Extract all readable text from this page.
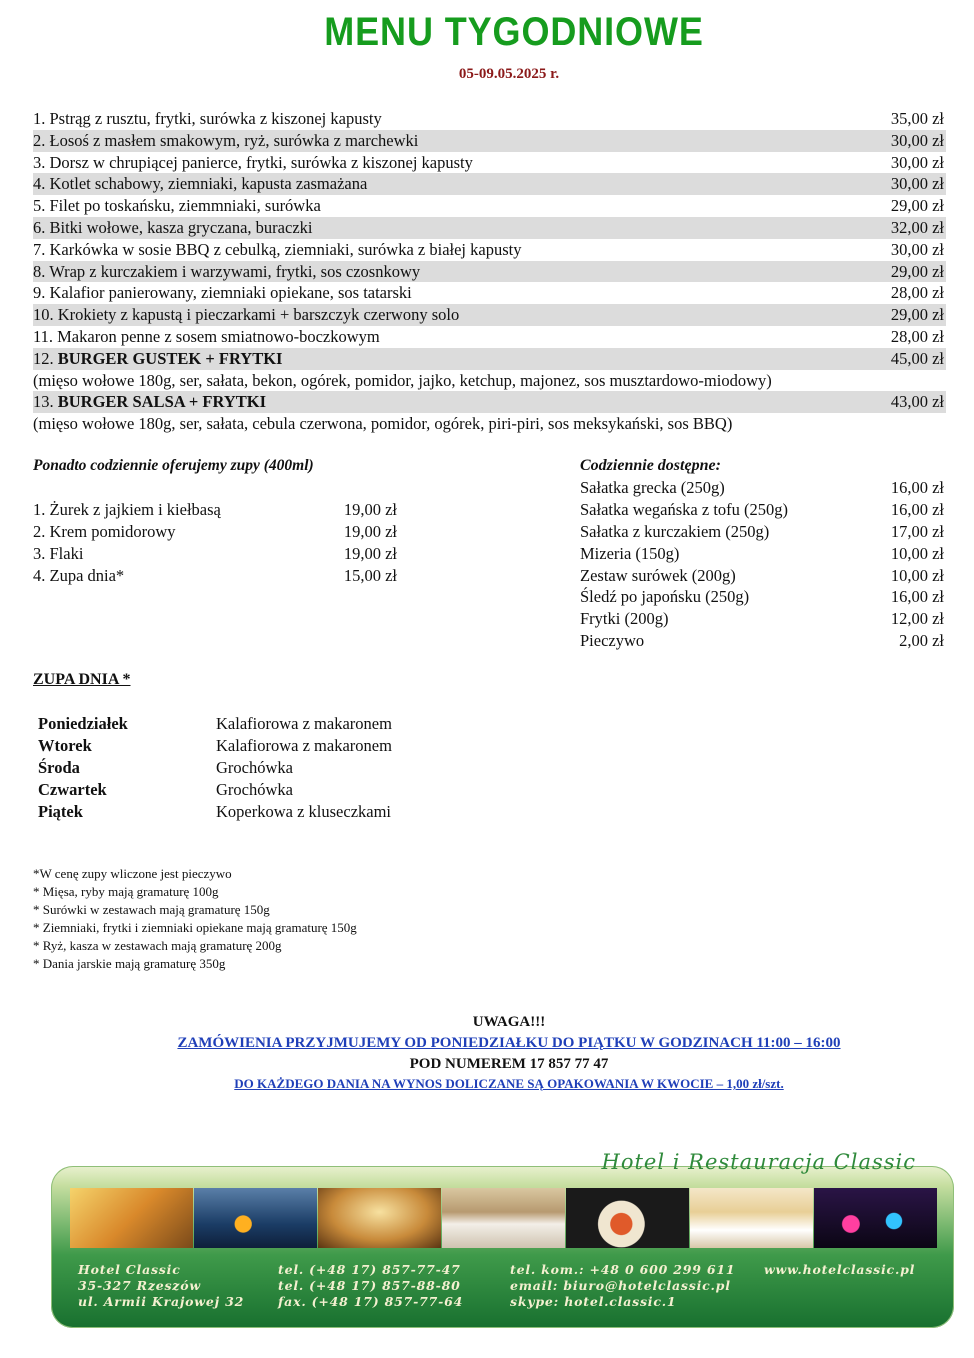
MENU TYGODNIOWE
05-09.05.2025 r.
1. Pstrąg z rusztu, frytki, surówka z kiszonej kapusty	35,00 zł
2. Łosoś z masłem smakowym, ryż, surówka z marchewki	30,00 zł
3. Dorsz w chrupiącej panierce, frytki, surówka z kiszonej kapusty	30,00 zł
4. Kotlet schabowy, ziemniaki, kapusta zasmażana	30,00 zł
5. Filet po toskańsku, ziemmniaki, surówka	29,00 zł
6. Bitki wołowe, kasza gryczana, buraczki	32,00 zł
7. Karkówka w sosie BBQ z cebulką, ziemniaki, surówka z białej kapusty	30,00 zł
8. Wrap z kurczakiem i warzywami, frytki, sos czosnkowy	29,00 zł
9. Kalafior panierowany, ziemniaki opiekane, sos tatarski	28,00 zł
10. Krokiety z kapustą i pieczarkami + barszczyk czerwony solo	29,00 zł
11. Makaron penne z sosem smiatnowo-boczkowym	28,00 zł
12. BURGER GUSTEK + FRYTKI	45,00 zł
(mięso wołowe 180g, ser, sałata, bekon, ogórek, pomidor, jajko, ketchup, majonez, sos musztardowo-miodowy)
13. BURGER SALSA + FRYTKI	43,00 zł
(mięso wołowe 180g, ser, sałata, cebula czerwona, pomidor, ogórek, piri-piri, sos meksykański, sos BBQ)
Ponadto codziennie oferujemy zupy (400ml)
1. Żurek z jajkiem i kiełbasą	19,00 zł
2. Krem pomidorowy	19,00 zł
3. Flaki	19,00 zł
4. Zupa dnia*	15,00 zł
Codziennie dostępne:
Sałatka grecka (250g)	16,00 zł
Sałatka wegańska z tofu (250g)	16,00 zł
Sałatka z kurczakiem (250g)	17,00 zł
Mizeria (150g)	10,00 zł
Zestaw surówek (200g)	10,00 zł
Śledź po japońsku (250g)	16,00 zł
Frytki (200g)	12,00 zł
Pieczywo	2,00 zł
ZUPA DNIA *
Poniedziałek	Kalafiorowa z makaronem
Wtorek	Kalafiorowa z makaronem
Środa	Grochówka
Czwartek	Grochówka
Piątek	Koperkowa z kluseczkami
*W cenę zupy wliczone jest pieczywo
* Mięsa, ryby mają gramaturę 100g
* Surówki w zestawach mają gramaturę 150g
* Ziemniaki, frytki i ziemniaki opiekane mają gramaturę 150g
* Ryż, kasza w zestawach mają gramaturę 200g
* Dania jarskie mają gramaturę 350g
UWAGA!!!
ZAMÓWIENIA PRZYJMUJEMY OD PONIEDZIAŁKU DO PIĄTKU W GODZINACH 11:00 – 16:00
POD NUMEREM 17 857 77 47
DO KAŻDEGO DANIA NA WYNOS DOLICZANE SĄ OPAKOWANIA W KWOCIE – 1,00 zł/szt.
Hotel i Restauracja Classic
Hotel Classic
35-327 Rzeszów
ul. Armii Krajowej 32
tel. (+48 17) 857-77-47
tel. (+48 17) 857-88-80
fax. (+48 17) 857-77-64
tel. kom.: +48 0 600 299 611
email: biuro@hotelclassic.pl
skype: hotel.classic.1
www.hotelclassic.pl
